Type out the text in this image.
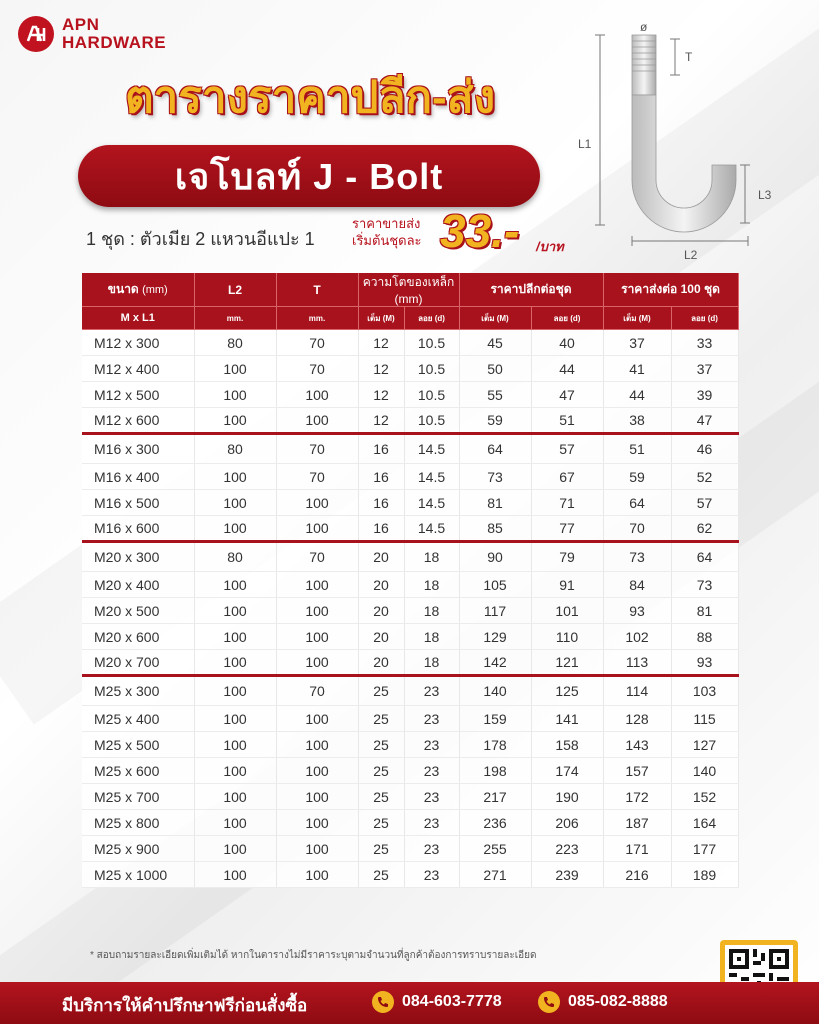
APN
HARDWARE
ตารางราคาปลีก-ส่ง
เจโบลท์ J - Bolt
1 ชุด : ตัวเมีย 2 แหวนอีแปะ 1
ราคาขายส่ง
เริ่มต้นชุดละ 33.- /บาท
ø
T
L1
L3
L2
ขนาด (mm)	L2	T	ความโตของเหล็ก (mm)		ราคาปลีกต่อชุด		ราคาส่งต่อ 100 ชุด	
M x L1	mm.	mm.	เต็ม (M)	ลอย (d)	เต็ม (M)	ลอย (d)	เต็ม (M)	ลอย (d)
M12 x 300	80	70	12	10.5	45	40	37	33
M12 x 400	100	70	12	10.5	50	44	41	37
M12 x 500	100	100	12	10.5	55	47	44	39
M12 x 600	100	100	12	10.5	59	51	38	47
M16 x 300	80	70	16	14.5	64	57	51	46
M16 x 400	100	70	16	14.5	73	67	59	52
M16 x 500	100	100	16	14.5	81	71	64	57
M16 x 600	100	100	16	14.5	85	77	70	62
M20 x 300	80	70	20	18	90	79	73	64
M20 x 400	100	100	20	18	105	91	84	73
M20 x 500	100	100	20	18	117	101	93	81
M20 x 600	100	100	20	18	129	110	102	88
M20 x 700	100	100	20	18	142	121	113	93
M25 x 300	100	70	25	23	140	125	114	103
M25 x 400	100	100	25	23	159	141	128	115
M25 x 500	100	100	25	23	178	158	143	127
M25 x 600	100	100	25	23	198	174	157	140
M25 x 700	100	100	25	23	217	190	172	152
M25 x 800	100	100	25	23	236	206	187	164
M25 x 900	100	100	25	23	255	223	171	177
M25 x 1000	100	100	25	23	271	239	216	189
* สอบถามรายละเอียดเพิ่มเติมได้ หากในตารางไม่มีราคาระบุตามจำนวนที่ลูกค้าต้องการทราบรายละเอียด
มีบริการให้คำปรึกษาฟรีก่อนสั่งซื้อ	084-603-7778	085-082-8888
